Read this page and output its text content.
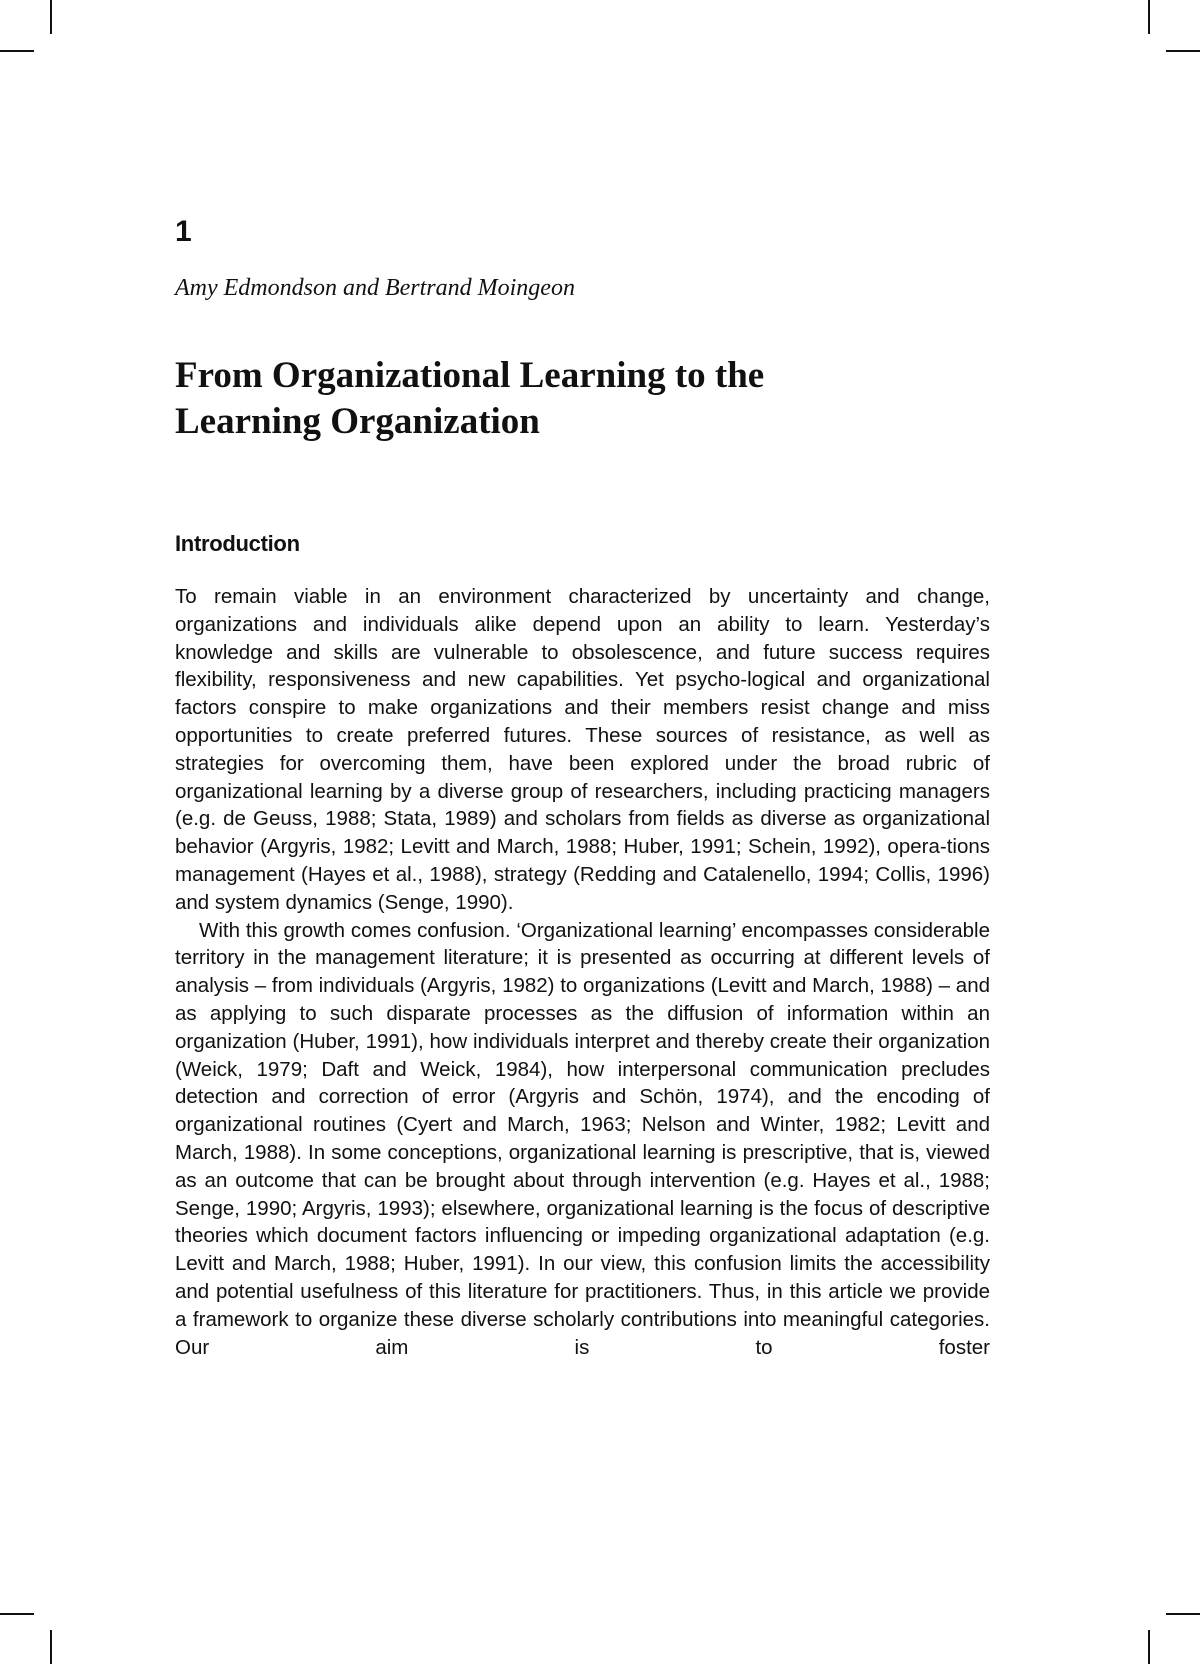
1
Amy Edmondson and Bertrand Moingeon
From Organizational Learning to the
Learning Organization
Introduction

To remain viable in an environment characterized by uncertainty and change, organizations and individuals alike depend upon an ability to learn. Yesterday’s knowledge and skills are vulnerable to obsolescence, and future success requires flexibility, responsiveness and new capabilities. Yet psycho-logical and organizational factors conspire to make organizations and their members resist change and miss opportunities to create preferred futures. These sources of resistance, as well as strategies for overcoming them, have been explored under the broad rubric of organizational learning by a diverse group of researchers, including practicing managers (e.g. de Geuss, 1988; Stata, 1989) and scholars from fields as diverse as organizational behavior (Argyris, 1982; Levitt and March, 1988; Huber, 1991; Schein, 1992), opera-tions management (Hayes et al., 1988), strategy (Redding and Catalenello, 1994; Collis, 1996) and system dynamics (Senge, 1990).

With this growth comes confusion. ‘Organizational learning’ encompasses considerable territory in the management literature; it is presented as occurring at different levels of analysis – from individuals (Argyris, 1982) to organizations (Levitt and March, 1988) – and as applying to such disparate processes as the diffusion of information within an organization (Huber, 1991), how individuals interpret and thereby create their organization (Weick, 1979; Daft and Weick, 1984), how interpersonal communication precludes detection and correction of error (Argyris and Schön, 1974), and the encoding of organizational routines (Cyert and March, 1963; Nelson and Winter, 1982; Levitt and March, 1988). In some conceptions, organizational learning is prescriptive, that is, viewed as an outcome that can be brought about through intervention (e.g. Hayes et al., 1988; Senge, 1990; Argyris, 1993); elsewhere, organizational learning is the focus of descriptive theories which document factors influencing or impeding organizational adaptation (e.g. Levitt and March, 1988; Huber, 1991). In our view, this confusion limits the accessibility and potential usefulness of this literature for practitioners. Thus, in this article we provide a framework to organize these diverse scholarly contributions into meaningful categories. Our aim is to foster
